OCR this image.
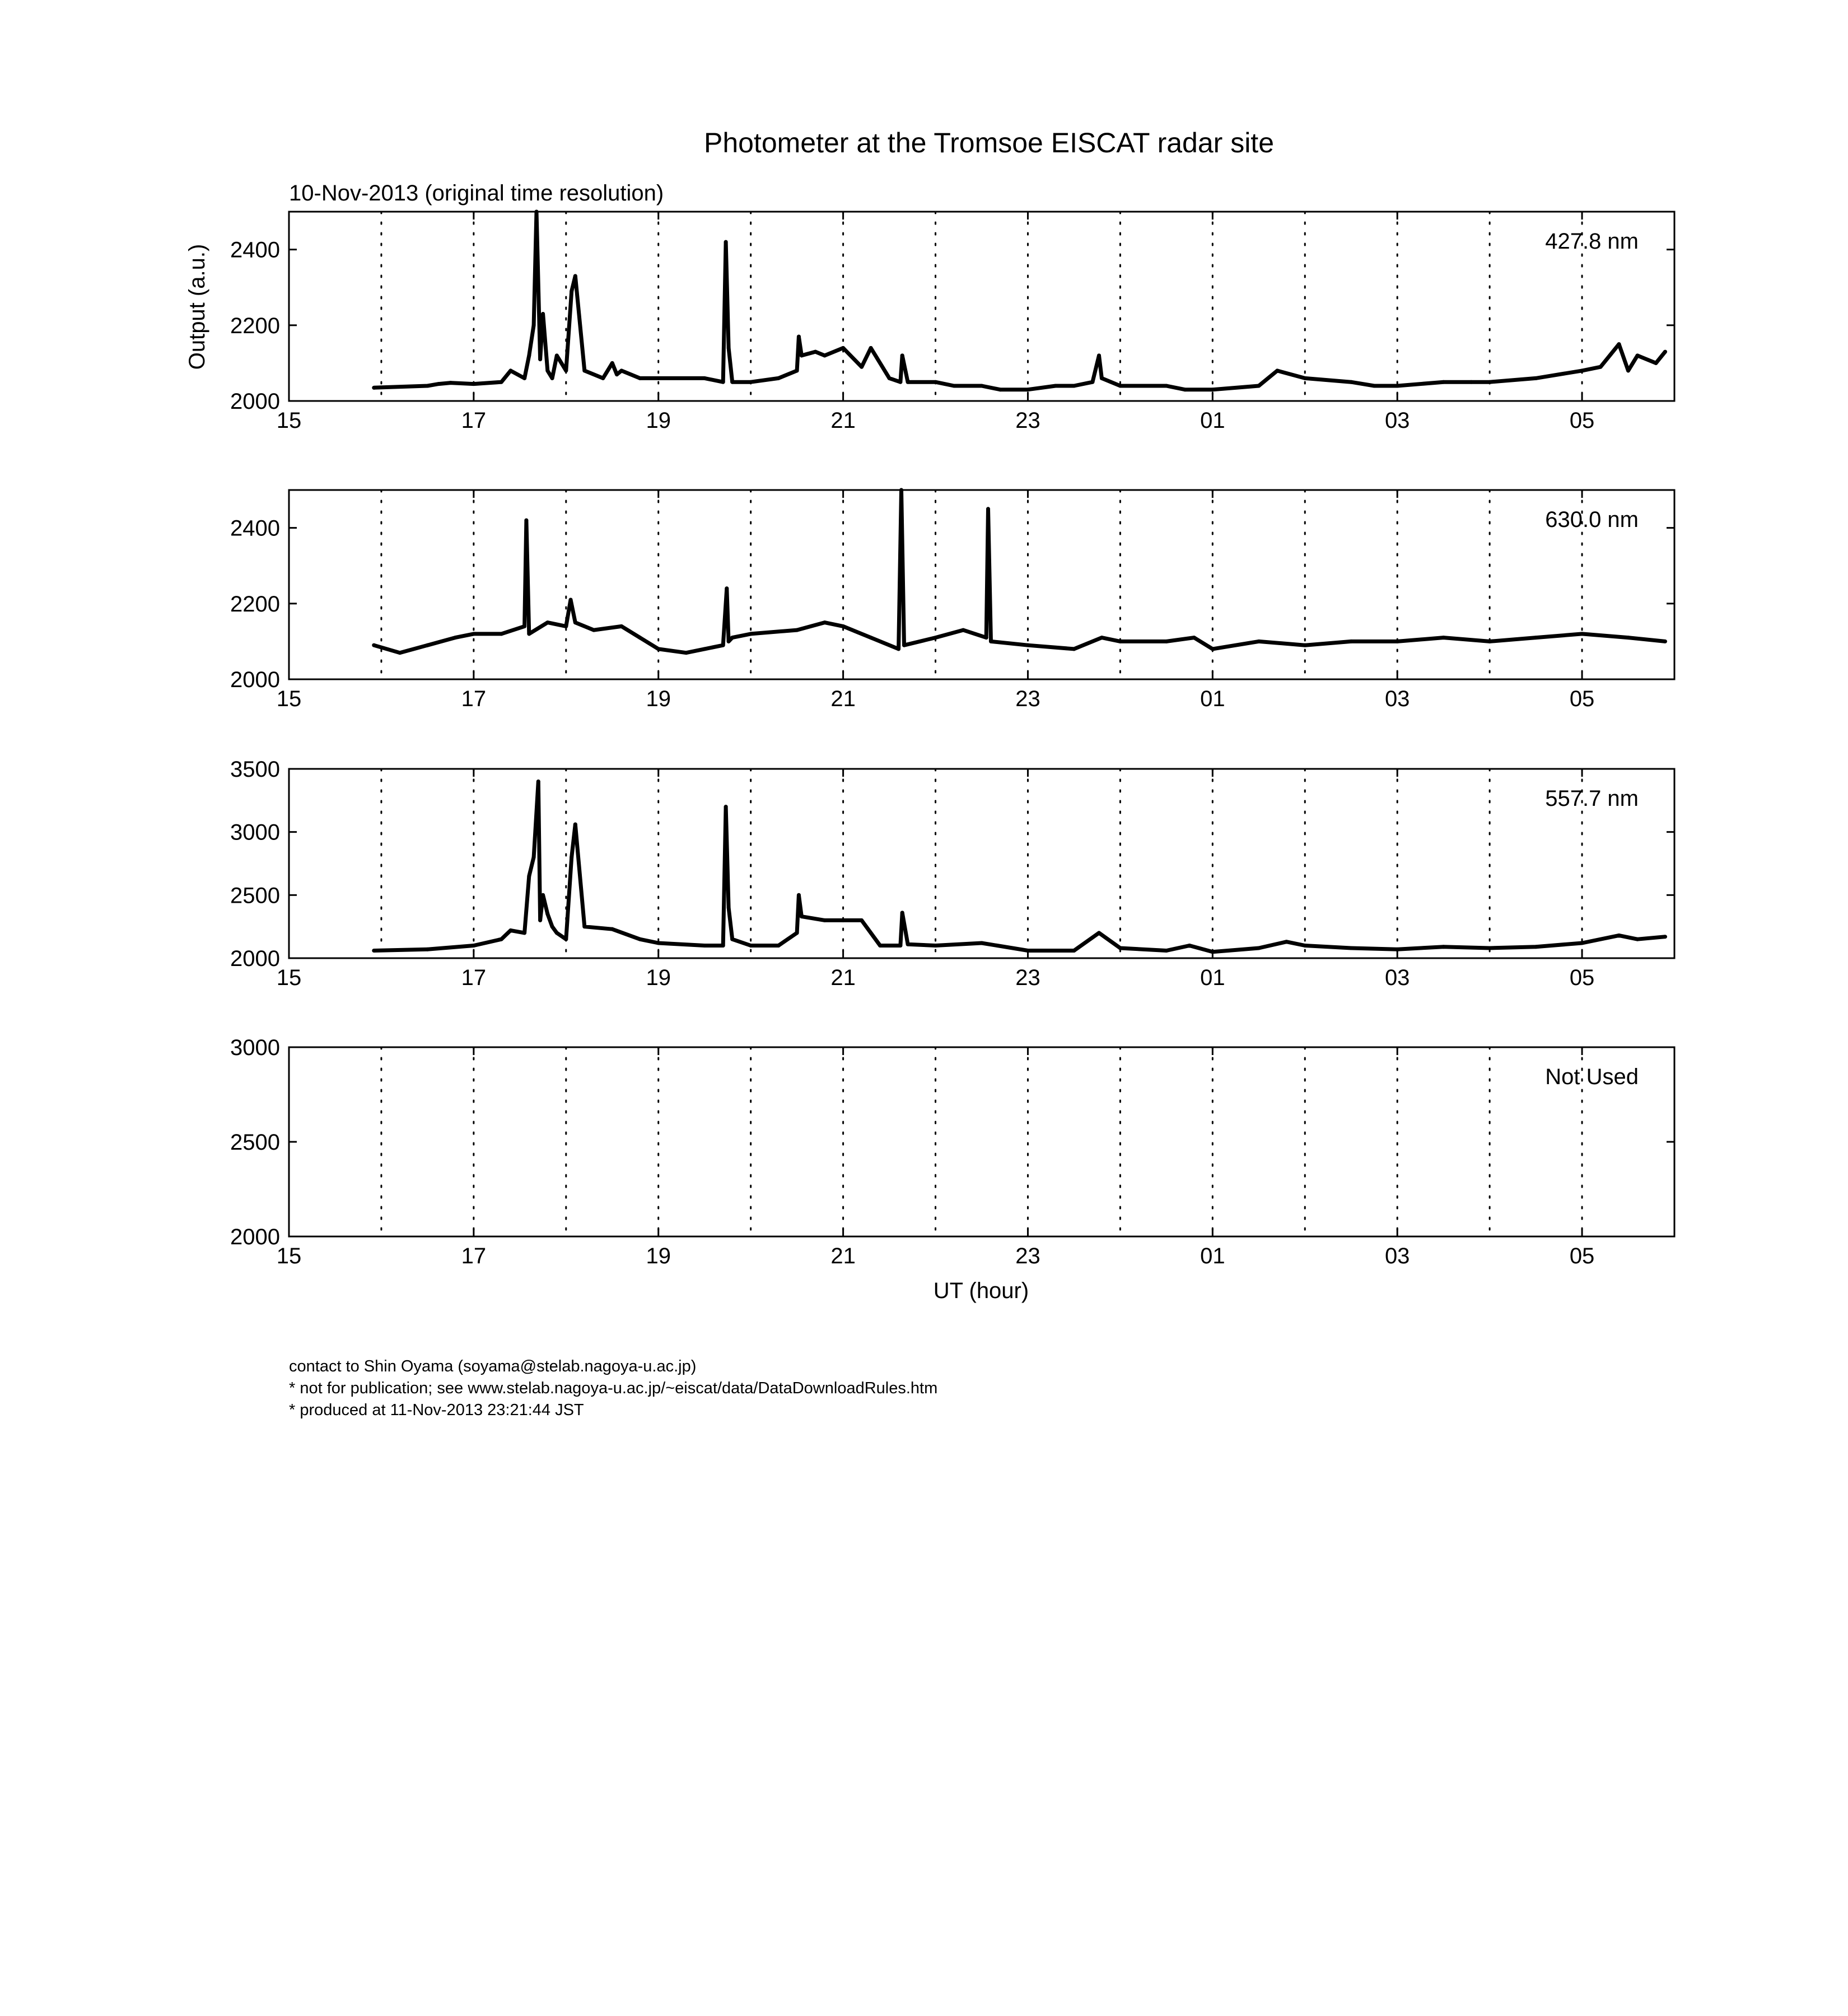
Photometer at the Tromsoe EISCAT radar site
10-Nov-2013 (original time resolution)
Output (a.u.)
UT (hour)
contact to Shin Oyama (soyama@stelab.nagoya-u.ac.jp)
* not for publication; see www.stelab.nagoya-u.ac.jp/~eiscat/data/DataDownloadRules.htm
* produced at 11-Nov-2013 23:21:44 JST
15	17	19	21	23	01	03	05
2000
2200
2400	427.8 nm
15	17	19	21	23	01	03	05
2000
2200
2400	630.0 nm
15	17	19	21	23	01	03	05
2000
2500
3000
3500
557.7 nm
15	17	19	21	23	01	03	05
2000
2500
3000
Not Used
